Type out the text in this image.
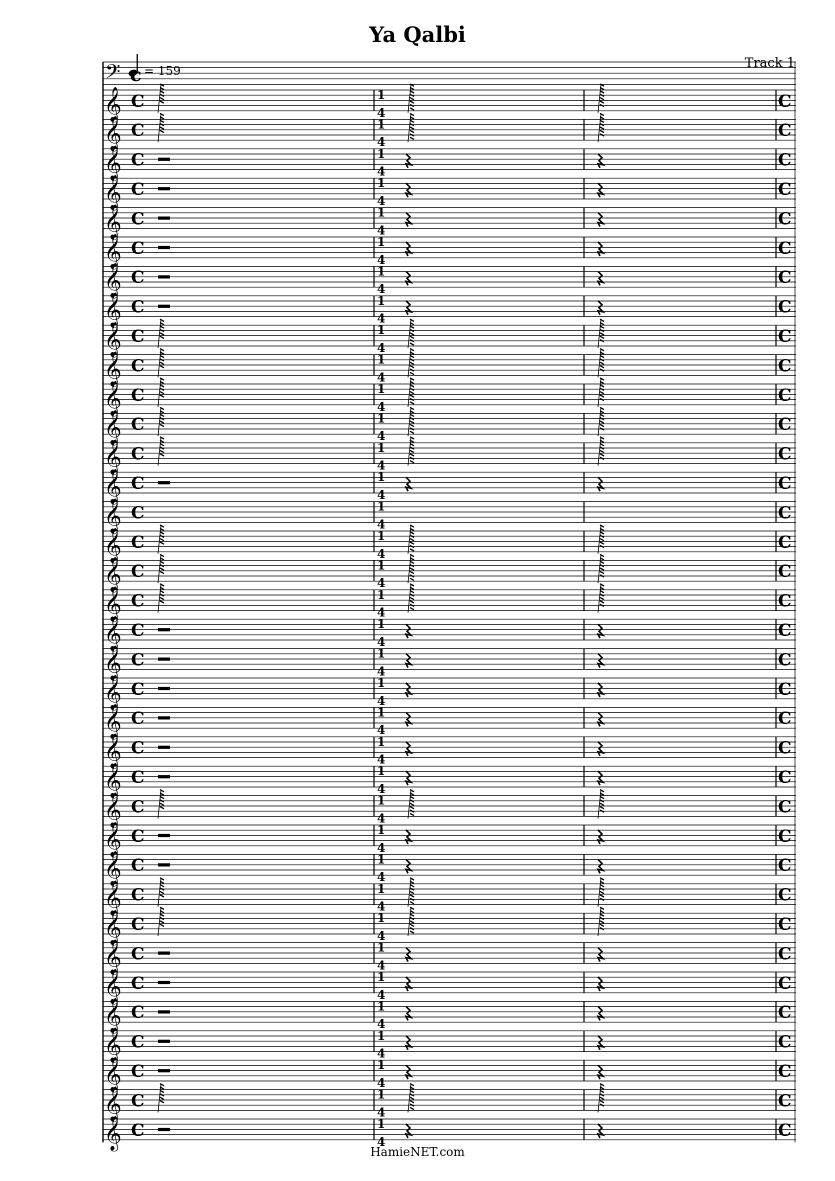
Ya Qalbi
Track 1
= 159
HamieNET.com
𝄢 c
𝄞 C	C
1
4
𝄞 C	C
1
4
𝄞 C	C
1
4
𝄞 C	C
1
4
𝄞 C	C
1
4
𝄞 C	C
1
4
𝄞 C	C
1
4
𝄞 C	C
1
4
𝄞 C	C
1
4
𝄞 C	C
1
4
𝄞 C	C
1
4
𝄞 C	C
1
4
𝄞 C	C
1
4
𝄞 C	C
1
4
𝄞 C	C
1
4
𝄞 C	C
1
4
𝄞 C	C
1
4
𝄞 C	C
1
4
𝄞 C	C
1
4
𝄞 C	C
1
4
𝄞 C	C
1
4
𝄞 C	C
1
4
𝄞 C	C
1
4
𝄞 C	C
1
4
𝄞 C	C
1
4
𝄞 C	C
1
4
𝄞 C	C
1
4
𝄞 C	C
1
4
𝄞 C	C
1
4
𝄞 C	C
1
4
𝄞 C	C
1
4
𝄞 C	C
1
4
𝄞 C	C
1
4
𝄞 C	C
1
4
𝄞 C	C
1
4
𝄞 C	C
1
4
